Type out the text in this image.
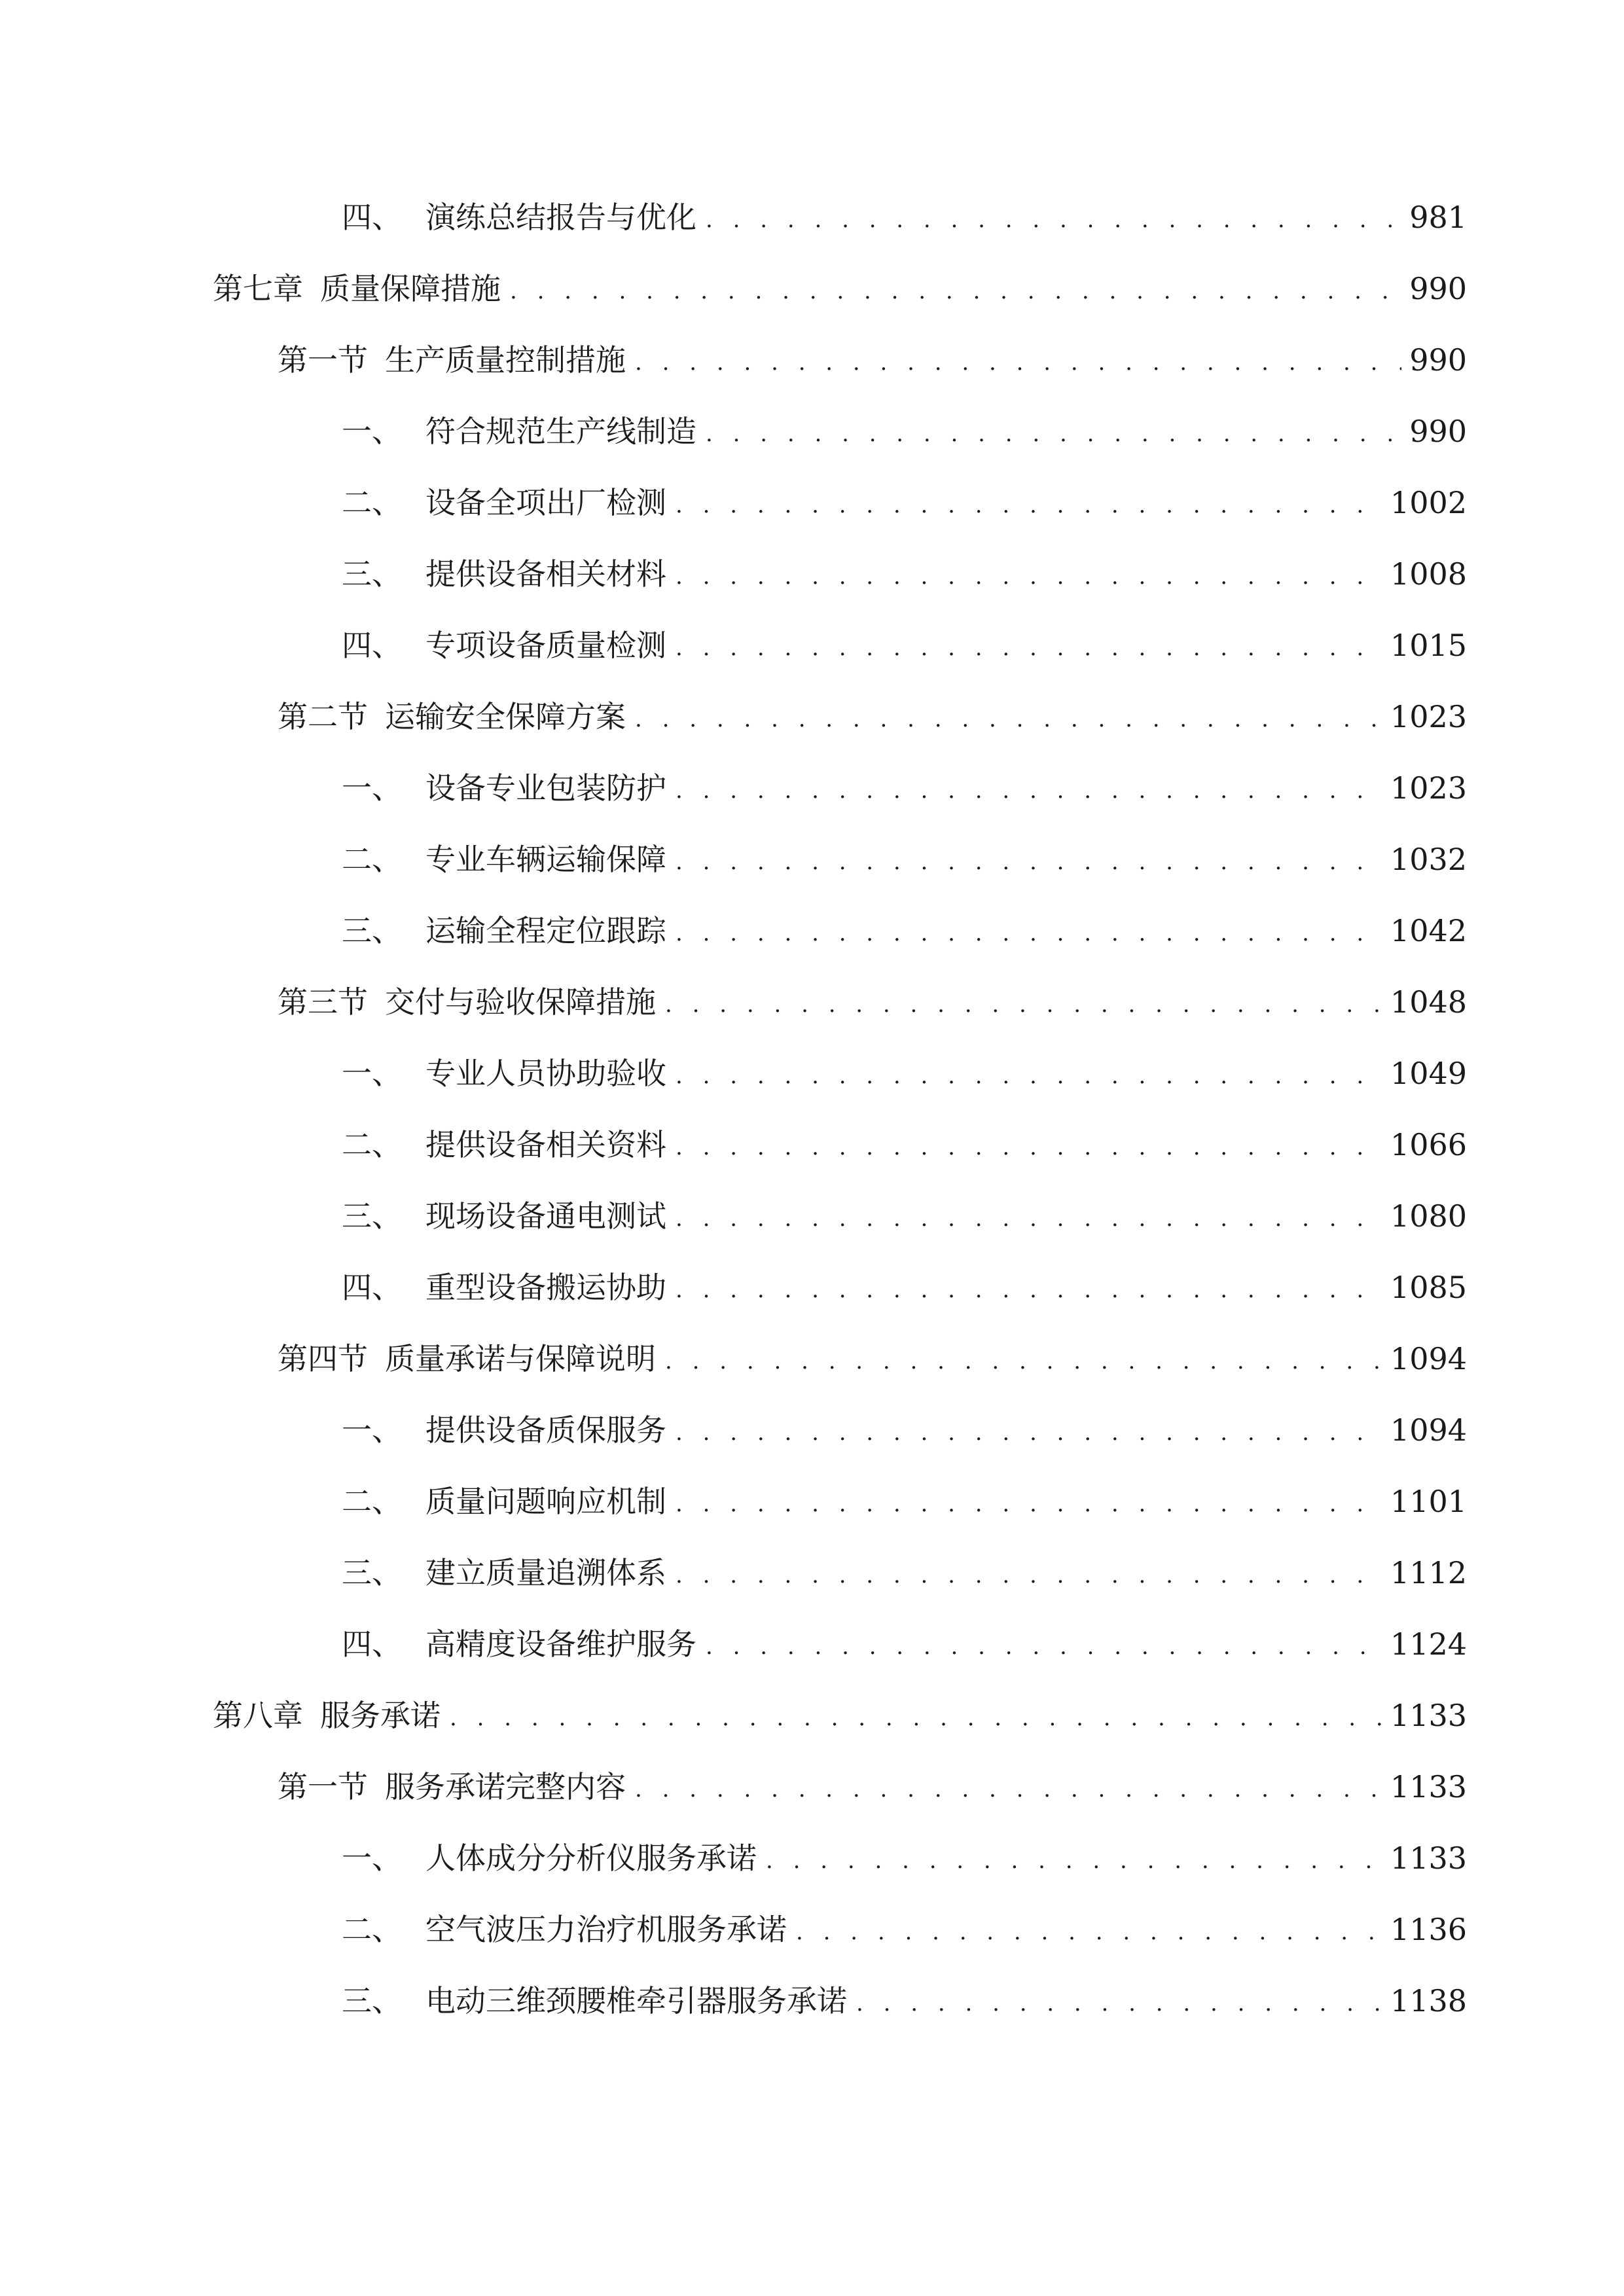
四、 演练总结报告与优化 . . .	981
第七章 质量保障措施 . . .	990
第一节 生产质量控制措施 . . .	990
一、 符合规范生产线制造 . . .	990
二、 设备全项出厂检测 . . .	1002
三、 提供设备相关材料 . . .	1008
四、 专项设备质量检测 . . .	1015
第二节 运输安全保障方案 . . .	1023
一、 设备专业包装防护 . . .	1023
二、 专业车辆运输保障 . . .	1032
三、 运输全程定位跟踪 . . .	1042
第三节 交付与验收保障措施 . . .	1048
一、 专业人员协助验收 . . .	1049
二、 提供设备相关资料 . . .	1066
三、 现场设备通电测试 . . .	1080
四、 重型设备搬运协助 . . .	1085
第四节 质量承诺与保障说明 . . .	1094
一、 提供设备质保服务 . . .	1094
二、 质量问题响应机制 . . .	1101
三、 建立质量追溯体系 . . .	1112
四、 高精度设备维护服务 . . .	1124
第八章 服务承诺 . . .	1133
第一节 服务承诺完整内容 . . .	1133
一、 人体成分分析仪服务承诺 . . .	1133
二、 空气波压力治疗机服务承诺 . . .	1136
三、 电动三维颈腰椎牵引器服务承诺 . . .	1138
